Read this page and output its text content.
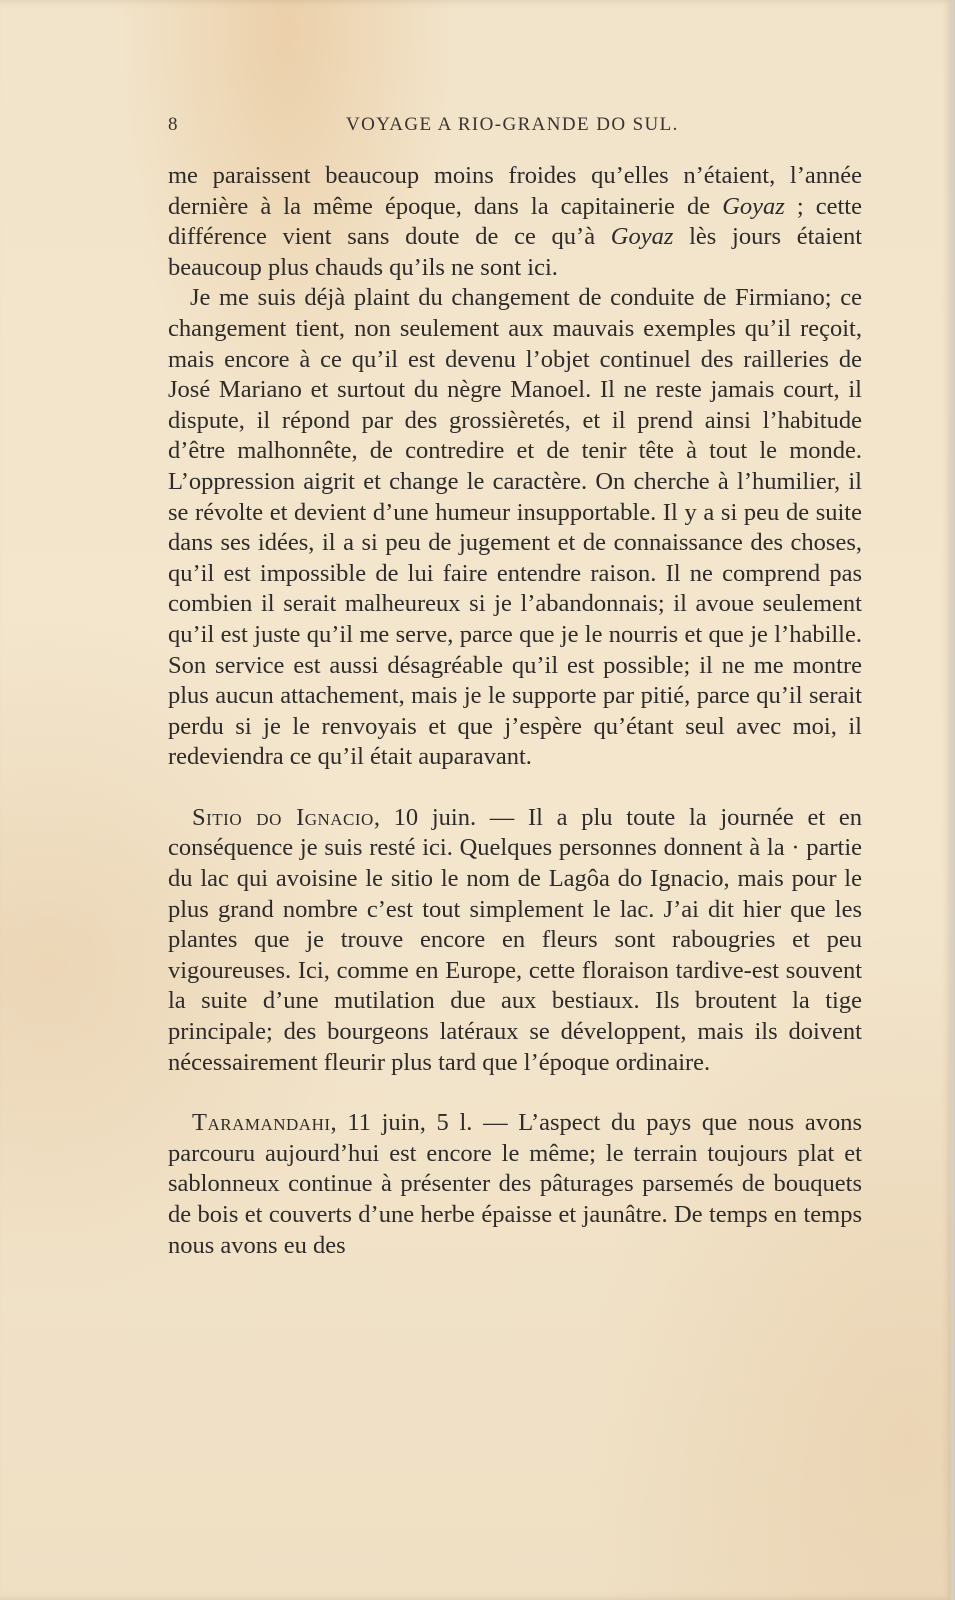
8	VOYAGE A RIO-GRANDE DO SUL.

me paraissent beaucoup moins froides qu’elles n’étaient, l’année dernière à la même époque, dans la capitainerie de Goyaz ; cette différence vient sans doute de ce qu’à Goyaz lès jours étaient beaucoup plus chauds qu’ils ne sont ici.

Je me suis déjà plaint du changement de conduite de Firmiano; ce changement tient, non seulement aux mauvais exemples qu’il reçoit, mais encore à ce qu’il est devenu l’objet continuel des railleries de José Mariano et surtout du nègre Manoel. Il ne reste jamais court, il dispute, il répond par des grossièretés, et il prend ainsi l’habitude d’être malhonnête, de contredire et de tenir tête à tout le monde. L’oppression aigrit et change le caractère. On cherche à l’humilier, il se révolte et devient d’une humeur insupportable. Il y a si peu de suite dans ses idées, il a si peu de jugement et de connaissance des choses, qu’il est impossible de lui faire entendre raison. Il ne comprend pas combien il serait malheureux si je l’abandonnais; il avoue seulement qu’il est juste qu’il me serve, parce que je le nourris et que je l’habille. Son service est aussi désagréable qu’il est possible; il ne me montre plus aucun attachement, mais je le supporte par pitié, parce qu’il serait perdu si je le renvoyais et que j’espère qu’étant seul avec moi, il redeviendra ce qu’il était auparavant.

Sitio do Ignacio, 10 juin. — Il a plu toute la journée et en conséquence je suis resté ici. Quelques personnes donnent à la · partie du lac qui avoisine le sitio le nom de Lagôa do Ignacio, mais pour le plus grand nombre c’est tout simplement le lac. J’ai dit hier que les plantes que je trouve encore en fleurs sont rabougries et peu vigoureuses. Ici, comme en Europe, cette floraison tardive-est souvent la suite d’une mutilation due aux bestiaux. Ils broutent la tige principale; des bourgeons latéraux se développent, mais ils doivent nécessairement fleurir plus tard que l’époque ordinaire.

Taramandahi, 11 juin, 5 l. — L’aspect du pays que nous avons parcouru aujourd’hui est encore le même; le terrain toujours plat et sablonneux continue à présenter des pâturages parsemés de bouquets de bois et couverts d’une herbe épaisse et jaunâtre. De temps en temps nous avons eu des
